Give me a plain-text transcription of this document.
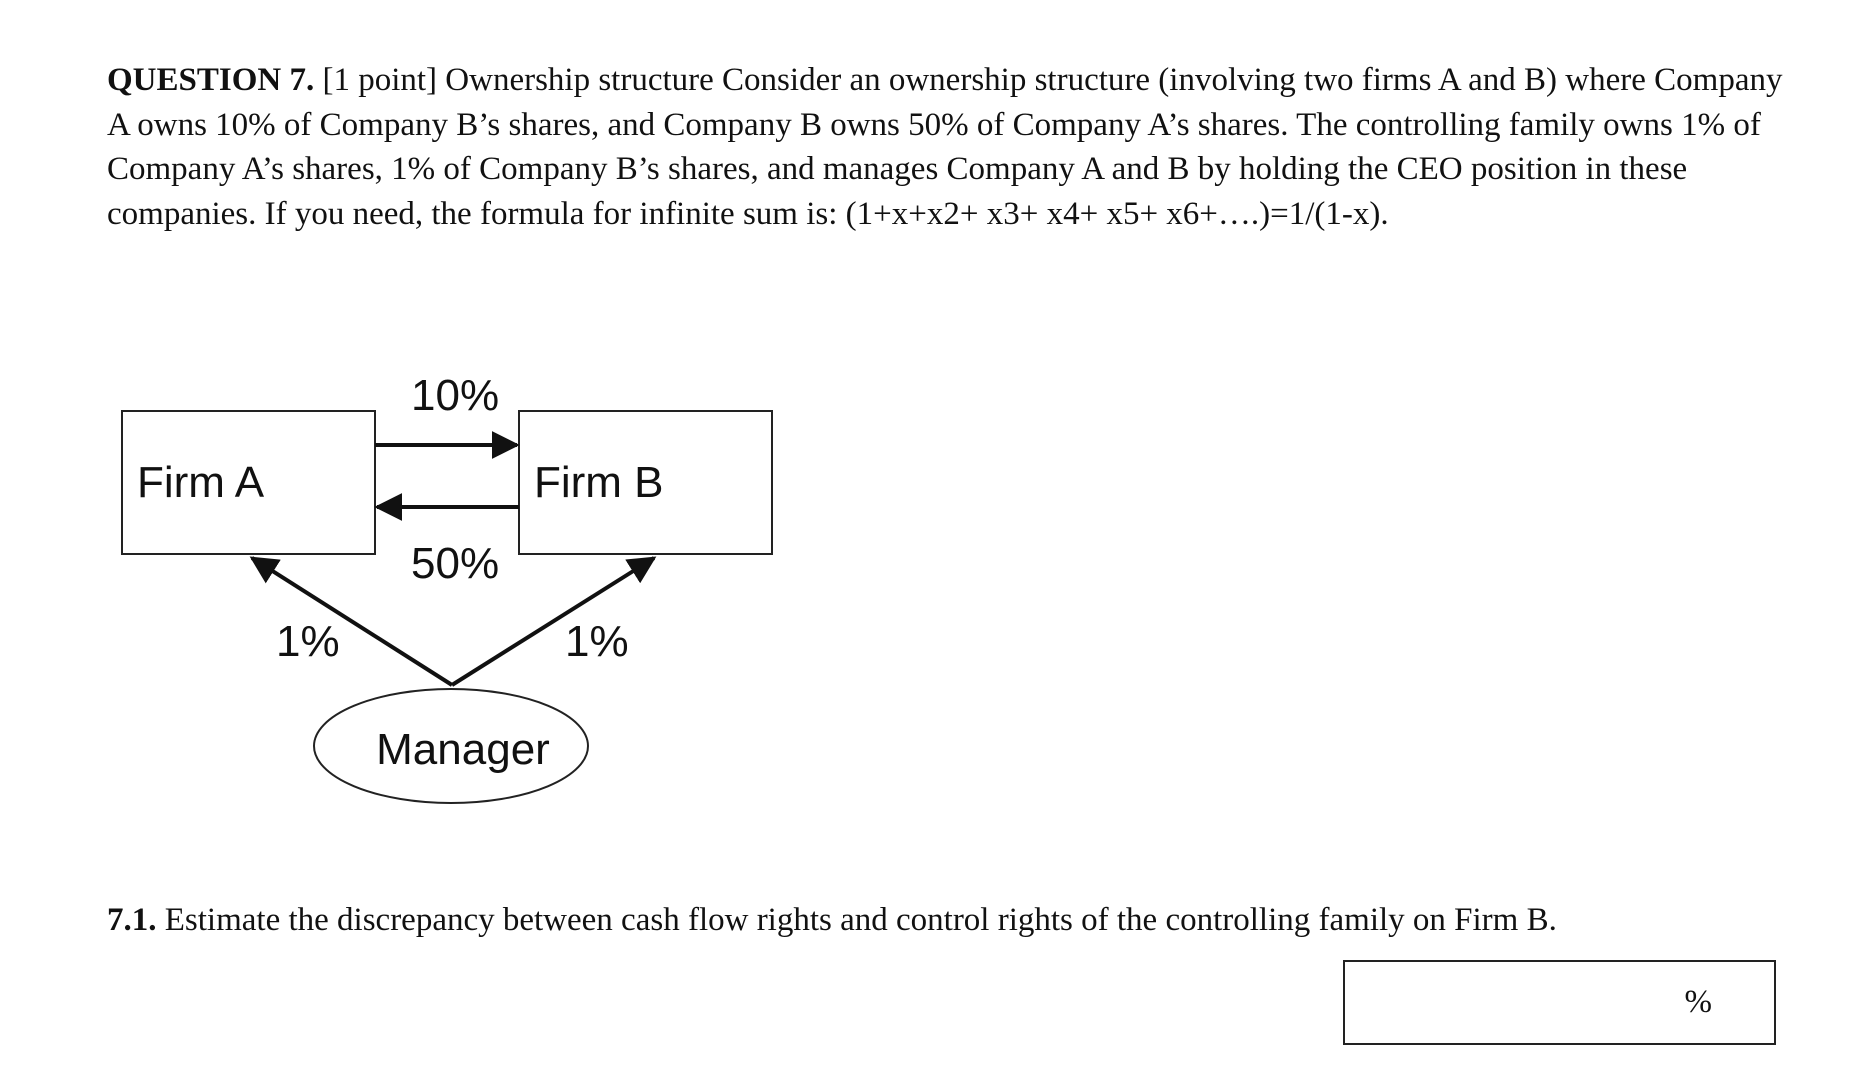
QUESTION 7. [1 point] Ownership structure Consider an ownership structure (involving two firms A and B) where Company A owns 10% of Company B’s shares, and Company B owns 50% of Company A’s shares. The controlling family owns 1% of Company A’s shares, 1% of Company B’s shares, and manages Company A and B by holding the CEO position in these companies. If you need, the formula for infinite sum is: (1+x+x2+ x3+ x4+ x5+ x6+….)=1/(1-x).
Firm A	Firm B
10%
50%
1%	1%
Manager
7.1. Estimate the discrepancy between cash flow rights and control rights of the controlling family on Firm B.
%
